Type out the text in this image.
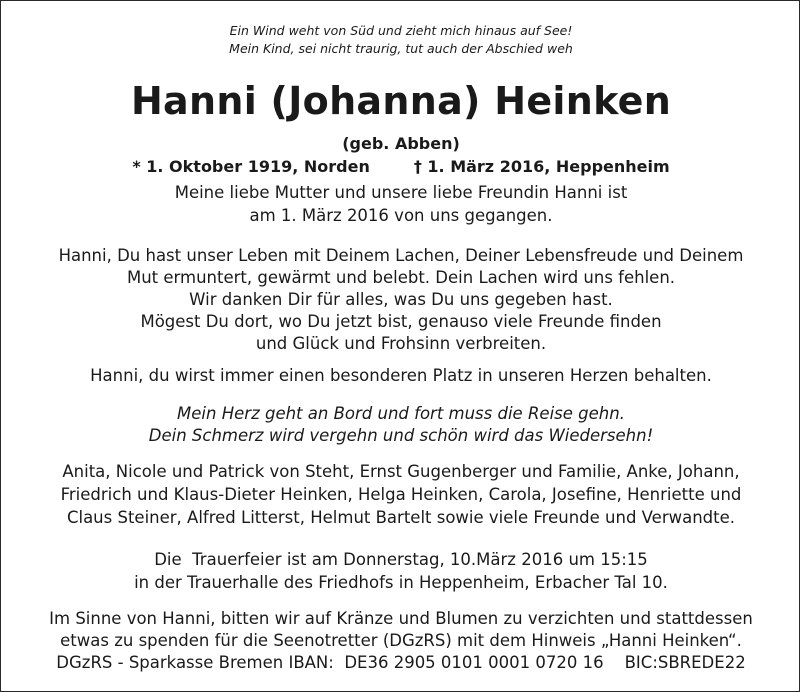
Ein Wind weht von Süd und zieht mich hinaus auf See!
Mein Kind, sei nicht traurig, tut auch der Abschied weh
Hanni (Johanna) Heinken
(geb. Abben)
* 1. Oktober 1919, Norden	† 1. März 2016, Heppenheim
Meine liebe Mutter und unsere liebe Freundin Hanni ist
am 1. März 2016 von uns gegangen.
Hanni, Du hast unser Leben mit Deinem Lachen, Deiner Lebensfreude und Deinem
Mut ermuntert, gewärmt und belebt. Dein Lachen wird uns fehlen.
Wir danken Dir für alles, was Du uns gegeben hast.
Mögest Du dort, wo Du jetzt bist, genauso viele Freunde finden
und Glück und Frohsinn verbreiten.
Hanni, du wirst immer einen besonderen Platz in unseren Herzen behalten.
Mein Herz geht an Bord und fort muss die Reise gehn.
Dein Schmerz wird vergehn und schön wird das Wiedersehn!
Anita, Nicole und Patrick von Steht, Ernst Gugenberger und Familie, Anke, Johann,
Friedrich und Klaus-Dieter Heinken, Helga Heinken, Carola, Josefine, Henriette und
Claus Steiner, Alfred Litterst, Helmut Bartelt sowie viele Freunde und Verwandte.
Die  Trauerfeier ist am Donnerstag, 10.März 2016 um 15:15
in der Trauerhalle des Friedhofs in Heppenheim, Erbacher Tal 10.
Im Sinne von Hanni, bitten wir auf Kränze und Blumen zu verzichten und stattdessen
etwas zu spenden für die Seenotretter (DGzRS) mit dem Hinweis „Hanni Heinken“.
DGzRS - Sparkasse Bremen IBAN:  DE36 2905 0101 0001 0720 16    BIC:SBREDE22
